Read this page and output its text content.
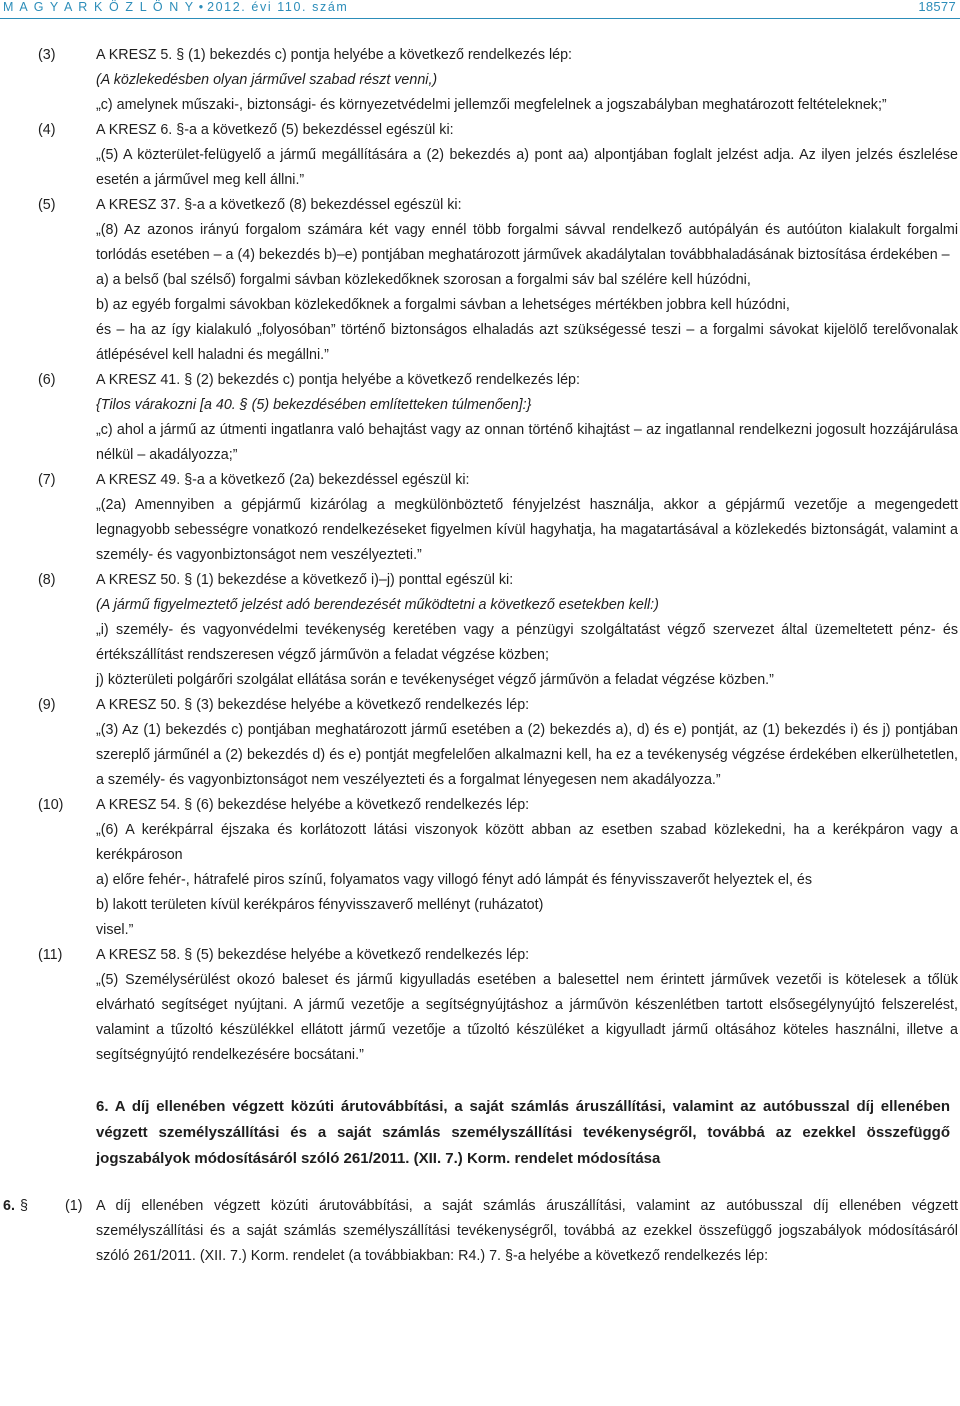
M A G Y A R K Ö Z L Ö N Y • 2012. évi 110. szám	18577
(3)	A KRESZ 5. § (1) bekezdés c) pontja helyébe a következő rendelkezés lép:
(A közlekedésben olyan járművel szabad részt venni,)
„c) amelynek műszaki-, biztonsági- és környezetvédelmi jellemzői megfelelnek a jogszabályban meghatározott feltételeknek;”
(4)	A KRESZ 6. §-a a következő (5) bekezdéssel egészül ki:
„(5) A közterület-felügyelő a jármű megállítására a (2) bekezdés a) pont aa) alpontjában foglalt jelzést adja. Az ilyen jelzés észlelése esetén a járművel meg kell állni.”
(5)	A KRESZ 37. §-a a következő (8) bekezdéssel egészül ki:
„(8) Az azonos irányú forgalom számára két vagy ennél több forgalmi sávval rendelkező autópályán és autóúton kialakult forgalmi torlódás esetében – a (4) bekezdés b)–e) pontjában meghatározott járművek akadálytalan továbbhaladásának biztosítása érdekében –
a) a belső (bal szélső) forgalmi sávban közlekedőknek szorosan a forgalmi sáv bal szélére kell húzódni,
b) az egyéb forgalmi sávokban közlekedőknek a forgalmi sávban a lehetséges mértékben jobbra kell húzódni,
és – ha az így kialakuló „folyosóban” történő biztonságos elhaladás azt szükségessé teszi – a forgalmi sávokat kijelölő terelővonalak átlépésével kell haladni és megállni.”
(6)	A KRESZ 41. § (2) bekezdés c) pontja helyébe a következő rendelkezés lép:
{Tilos várakozni [a 40. § (5) bekezdésében említetteken túlmenően]:}
„c) ahol a jármű az útmenti ingatlanra való behajtást vagy az onnan történő kihajtást – az ingatlannal rendelkezni jogosult hozzájárulása nélkül – akadályozza;”
(7)	A KRESZ 49. §-a a következő (2a) bekezdéssel egészül ki:
„(2a) Amennyiben a gépjármű kizárólag a megkülönböztető fényjelzést használja, akkor a gépjármű vezetője a megengedett legnagyobb sebességre vonatkozó rendelkezéseket figyelmen kívül hagyhatja, ha magatartásával a közlekedés biztonságát, valamint a személy- és vagyonbiztonságot nem veszélyezteti.”
(8)	A KRESZ 50. § (1) bekezdése a következő i)–j) ponttal egészül ki:
(A jármű figyelmeztető jelzést adó berendezését működtetni a következő esetekben kell:)
„i) személy- és vagyonvédelmi tevékenység keretében vagy a pénzügyi szolgáltatást végző szervezet által üzemeltetett pénz- és értékszállítást rendszeresen végző járművön a feladat végzése közben;
j) közterületi polgárőri szolgálat ellátása során e tevékenységet végző járművön a feladat végzése közben.”
(9)	A KRESZ 50. § (3) bekezdése helyébe a következő rendelkezés lép:
„(3) Az (1) bekezdés c) pontjában meghatározott jármű esetében a (2) bekezdés a), d) és e) pontját, az (1) bekezdés i) és j) pontjában szereplő járműnél a (2) bekezdés d) és e) pontját megfelelően alkalmazni kell, ha ez a tevékenység végzése érdekében elkerülhetetlen, a személy- és vagyonbiztonságot nem veszélyezteti és a forgalmat lényegesen nem akadályozza.”
(10)	A KRESZ 54. § (6) bekezdése helyébe a következő rendelkezés lép:
„(6) A kerékpárral éjszaka és korlátozott látási viszonyok között abban az esetben szabad közlekedni, ha a kerékpáron vagy a kerékpároson
a) előre fehér-, hátrafelé piros színű, folyamatos vagy villogó fényt adó lámpát és fényvisszaverőt helyeztek el, és
b) lakott területen kívül kerékpáros fényvisszaverő mellényt (ruházatot)
visel.”
(11)	A KRESZ 58. § (5) bekezdése helyébe a következő rendelkezés lép:
„(5) Személysérülést okozó baleset és jármű kigyulladás esetében a balesettel nem érintett járművek vezetői is kötelesek a tőlük elvárható segítséget nyújtani. A jármű vezetője a segítségnyújtáshoz a járművön készenlétben tartott elsősegélynyújtó felszerelést, valamint a tűzoltó készülékkel ellátott jármű vezetője a tűzoltó készüléket a kigyulladt jármű oltásához köteles használni, illetve a segítségnyújtó rendelkezésére bocsátani.”
6. A díj ellenében végzett közúti árutovábbítási, a saját számlás áruszállítási, valamint az autóbusszal díj ellenében végzett személyszállítási és a saját számlás személyszállítási tevékenységről, továbbá az ezekkel összefüggő jogszabályok módosításáról szóló 261/2011. (XII. 7.) Korm. rendelet módosítása
6. §	(1) A díj ellenében végzett közúti árutovábbítási, a saját számlás áruszállítási, valamint az autóbusszal díj ellenében végzett személyszállítási és a saját számlás személyszállítási tevékenységről, továbbá az ezekkel összefüggő jogszabályok módosításáról szóló 261/2011. (XII. 7.) Korm. rendelet (a továbbiakban: R4.) 7. §-a helyébe a következő rendelkezés lép:
